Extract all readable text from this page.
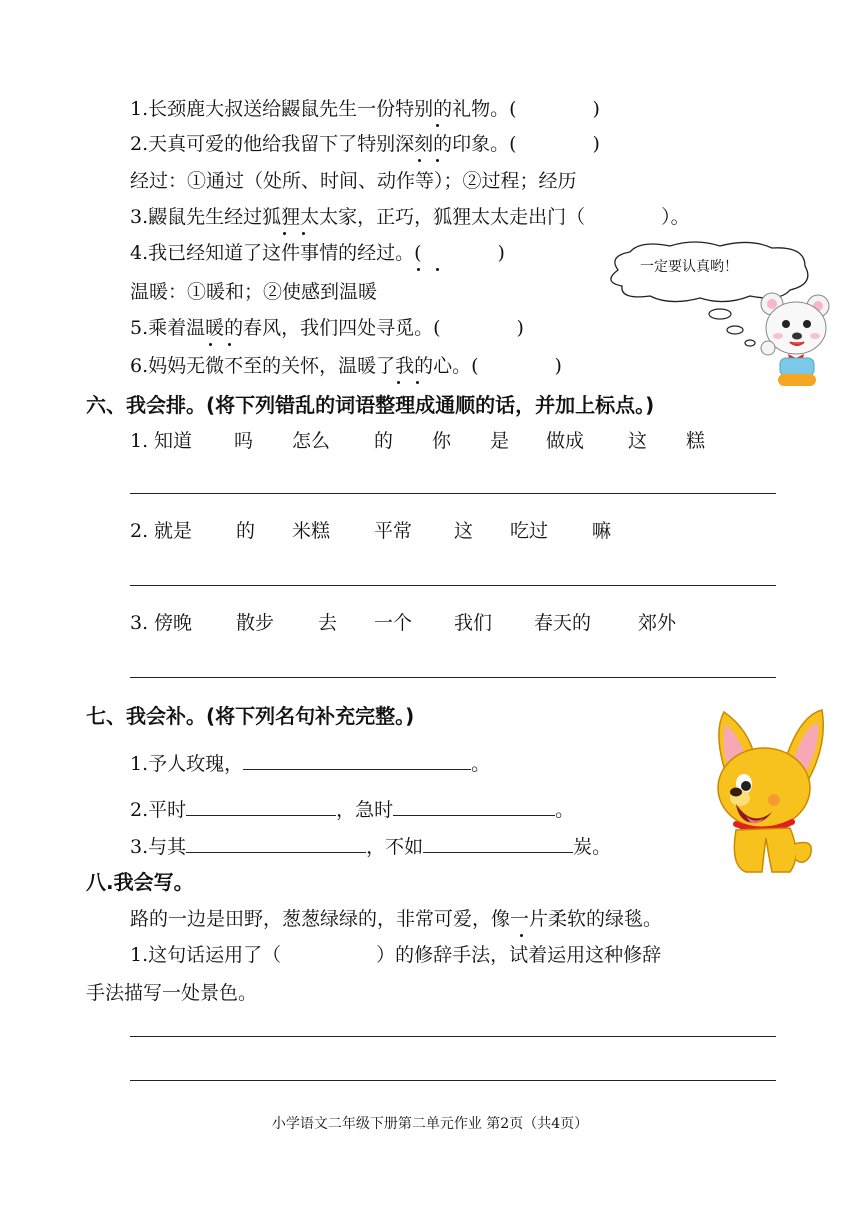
1.长颈鹿大叔送给鼹鼠先生一份特别的礼物。(　　　　)
2.天真可爱的他给我留下了特别深刻的印象。(　　　　)
经过：①通过（处所、时间、动作等）；②过程；经历
3.鼹鼠先生经过狐狸太太家，正巧，狐狸太太走出门（　　　　）。
4.我已经知道了这件事情的经过。(　　　　)
温暖：①暖和；②使感到温暖
5.乘着温暖的春风，我们四处寻觅。(　　　　)
6.妈妈无微不至的关怀，温暖了我的心。(　　　　)
一定要认真哟！
六、我会排。(将下列错乱的词语整理成通顺的话，并加上标点。)
1. 知道 吗 怎么 的 你 是 做成 这 糕
2. 就是 的 米糕 平常 这 吃过 嘛
3. 傍晚 散步 去 一个 我们 春天的 郊外
七、我会补。(将下列名句补充完整。)
1.予人玫瑰，	。
2.平时	，急时	。
3.与其	，不如	炭。
八.我会写。
路的一边是田野，葱葱绿绿的，非常可爱，像一片柔软的绿毯。
1.这句话运用了（　　　　　）的修辞手法，试着运用这种修辞
手法描写一处景色。
小学语文二年级下册第二单元作业 第2页（共4页）
